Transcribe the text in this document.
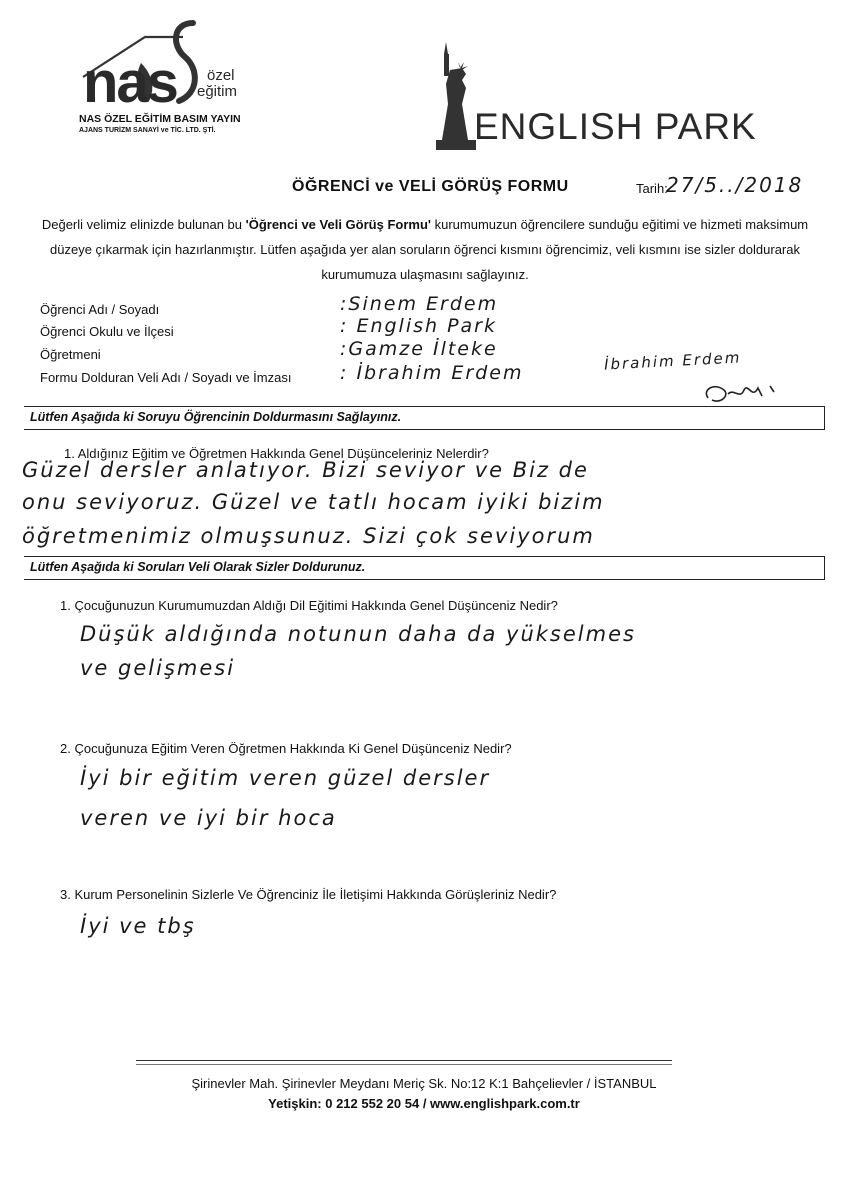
nas özel
eğitim
NAS ÖZEL EĞİTİM BASIM YAYIN
AJANS TURİZM SANAYİ ve TİC. LTD. ŞTİ.	ENGLISH PARK
ÖĞRENCİ ve VELİ GÖRÜŞ FORMU	Tarih:
27/5../2018
Değerli velimiz elinizde bulunan bu 'Öğrenci ve Veli Görüş Formu' kurumumuzun öğrencilere sunduğu eğitimi ve hizmeti maksimum düzeye çıkarmak için hazırlanmıştır. Lütfen aşağıda yer alan soruların öğrenci kısmını öğrencimiz, veli kısmını ise sizler doldurarak kurumumuza ulaşmasını sağlayınız.
Öğrenci Adı / Soyadı	:Sinem Erdem
Öğrenci Okulu ve İlçesi	: English Park
Öğretmeni	:Gamze İlteke
Formu Dolduran Veli Adı / Soyadı ve İmzası	: İbrahim Erdem	İbrahim Erdem
Lütfen Aşağıda ki Soruyu Öğrencinin Doldurmasını Sağlayınız.
1. Aldığınız Eğitim ve Öğretmen Hakkında Genel Düşünceleriniz Nelerdir?
Güzel dersler anlatıyor. Bizi seviyor ve Biz de
onu seviyoruz. Güzel ve tatlı hocam iyiki bizim
öğretmenimiz olmuşsunuz. Sizi çok seviyorum
Lütfen Aşağıda ki Soruları Veli Olarak Sizler Doldurunuz.
1. Çocuğunuzun Kurumumuzdan Aldığı Dil Eğitimi Hakkında Genel Düşünceniz Nedir?
Düşük aldığında notunun daha da yükselmes
ve gelişmesi
2. Çocuğunuza Eğitim Veren Öğretmen Hakkında Ki Genel Düşünceniz Nedir?
İyi bir eğitim veren güzel dersler
veren ve iyi bir hoca
3. Kurum Personelinin Sizlerle Ve Öğrenciniz İle İletişimi Hakkında Görüşleriniz Nedir?
İyi ve tbş
Şirinevler Mah. Şirinevler Meydanı Meriç Sk. No:12 K:1 Bahçelievler / İSTANBUL
Yetişkin: 0 212 552 20 54 / www.englishpark.com.tr
